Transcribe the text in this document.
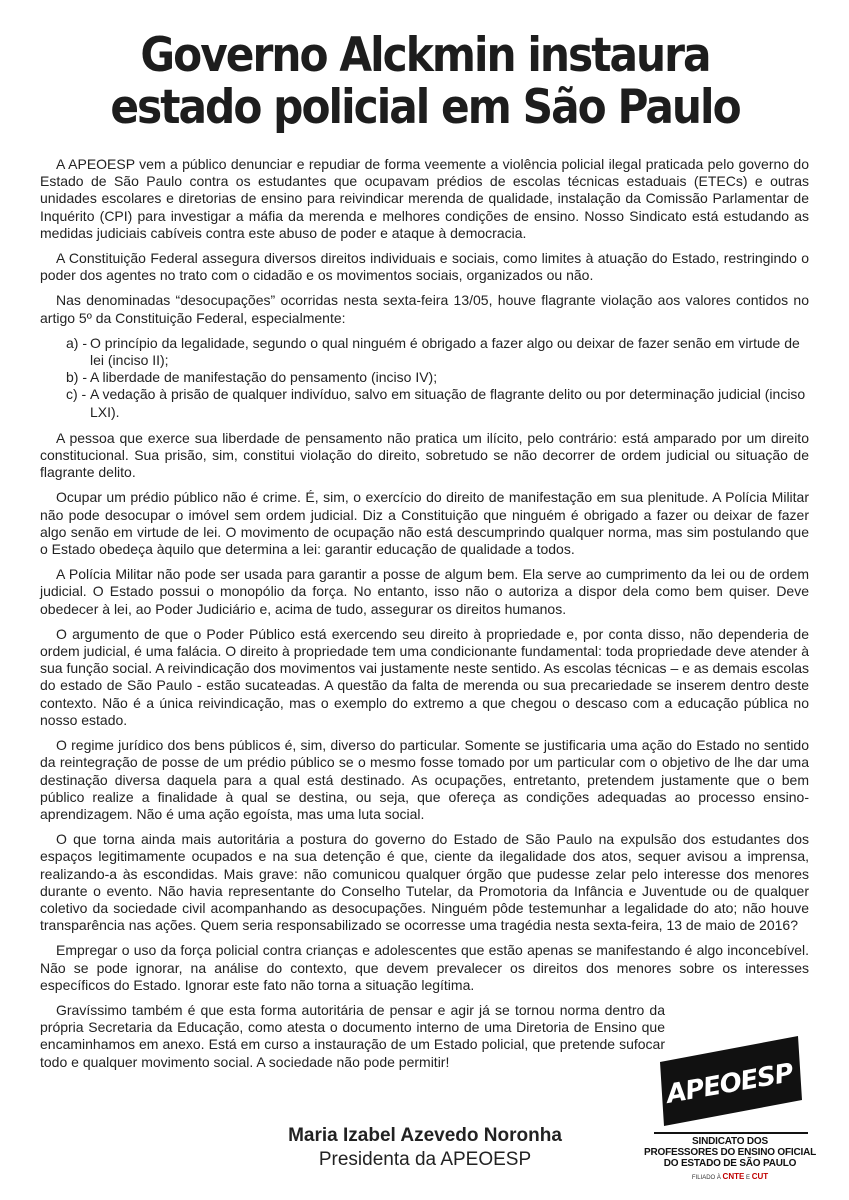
Governo Alckmin instaura
estado policial em São Paulo

A APEOESP vem a público denunciar e repudiar de forma veemente a violência policial ilegal praticada pelo governo do Estado de São Paulo contra os estudantes que ocupavam prédios de escolas técnicas estaduais (ETECs) e outras unidades escolares e diretorias de ensino para reivindicar merenda de qualidade, instalação da Comissão Parlamentar de Inquérito (CPI) para investigar a máfia da merenda e melhores condições de ensino. Nosso Sindicato está estudando as medidas judiciais cabíveis contra este abuso de poder e ataque à democracia.

A Constituição Federal assegura diversos direitos individuais e sociais, como limites à atuação do Estado, restringindo o poder dos agentes no trato com o cidadão e os movimentos sociais, organizados ou não.

Nas denominadas “desocupações” ocorridas nesta sexta-feira 13/05, houve flagrante violação aos valores contidos no artigo 5º da Constituição Federal, especialmente:

a) - O princípio da legalidade, segundo o qual ninguém é obrigado a fazer algo ou deixar de fazer senão em virtude de lei (inciso II);
b) - A liberdade de manifestação do pensamento (inciso IV);
c) - A vedação à prisão de qualquer indivíduo, salvo em situação de flagrante delito ou por determinação judicial (inciso LXI).

A pessoa que exerce sua liberdade de pensamento não pratica um ilícito, pelo contrário: está amparado por um direito constitucional. Sua prisão, sim, constitui violação do direito, sobretudo se não decorrer de ordem judicial ou situação de flagrante delito.

Ocupar um prédio público não é crime. É, sim, o exercício do direito de manifestação em sua plenitude. A Polícia Militar não pode desocupar o imóvel sem ordem judicial. Diz a Constituição que ninguém é obrigado a fazer ou deixar de fazer algo senão em virtude de lei. O movimento de ocupação não está descumprindo qualquer norma, mas sim postulando que o Estado obedeça àquilo que determina a lei: garantir educação de qualidade a todos.

A Polícia Militar não pode ser usada para garantir a posse de algum bem. Ela serve ao cumprimento da lei ou de ordem judicial. O Estado possui o monopólio da força. No entanto, isso não o autoriza a dispor dela como bem quiser. Deve obedecer à lei, ao Poder Judiciário e, acima de tudo, assegurar os direitos humanos.

O argumento de que o Poder Público está exercendo seu direito à propriedade e, por conta disso, não dependeria de ordem judicial, é uma falácia. O direito à propriedade tem uma condicionante fundamental: toda propriedade deve atender à sua função social. A reivindicação dos movimentos vai justamente neste sentido. As escolas técnicas – e as demais escolas do estado de São Paulo - estão sucateadas. A questão da falta de merenda ou sua precariedade se inserem dentro deste contexto. Não é a única reivindicação, mas o exemplo do extremo a que chegou o descaso com a educação pública no nosso estado.

O regime jurídico dos bens públicos é, sim, diverso do particular. Somente se justificaria uma ação do Estado no sentido da reintegração de posse de um prédio público se o mesmo fosse tomado por um particular com o objetivo de lhe dar uma destinação diversa daquela para a qual está destinado. As ocupações, entretanto, pretendem justamente que o bem público realize a finalidade à qual se destina, ou seja, que ofereça as condições adequadas ao processo ensino-aprendizagem. Não é uma ação egoísta, mas uma luta social.

O que torna ainda mais autoritária a postura do governo do Estado de São Paulo na expulsão dos estudantes dos espaços legitimamente ocupados e na sua detenção é que, ciente da ilegalidade dos atos, sequer avisou a imprensa, realizando-a às escondidas. Mais grave: não comunicou qualquer órgão que pudesse zelar pelo interesse dos menores durante o evento. Não havia representante do Conselho Tutelar, da Promotoria da Infância e Juventude ou de qualquer coletivo da sociedade civil acompanhando as desocupações. Ninguém pôde testemunhar a legalidade do ato; não houve transparência nas ações. Quem seria responsabilizado se ocorresse uma tragédia nesta sexta-feira, 13 de maio de 2016?

Empregar o uso da força policial contra crianças e adolescentes que estão apenas se manifestando é algo inconcebível. Não se pode ignorar, na análise do contexto, que devem prevalecer os direitos dos menores sobre os interesses específicos do Estado. Ignorar este fato não torna a situação legítima.

Gravíssimo também é que esta forma autoritária de pensar e agir já se tornou norma dentro da própria Secretaria da Educação, como atesta o documento interno de uma Diretoria de Ensino que encaminhamos em anexo. Está em curso a instauração de um Estado policial, que pretende sufocar todo e qualquer movimento social. A sociedade não pode permitir!

Maria Izabel Azevedo Noronha
Presidenta da APEOESP
APEOESP
SINDICATO DOS
PROFESSORES DO ENSINO OFICIAL
DO ESTADO DE SÃO PAULO
FILIADO À CNTE E CUT
